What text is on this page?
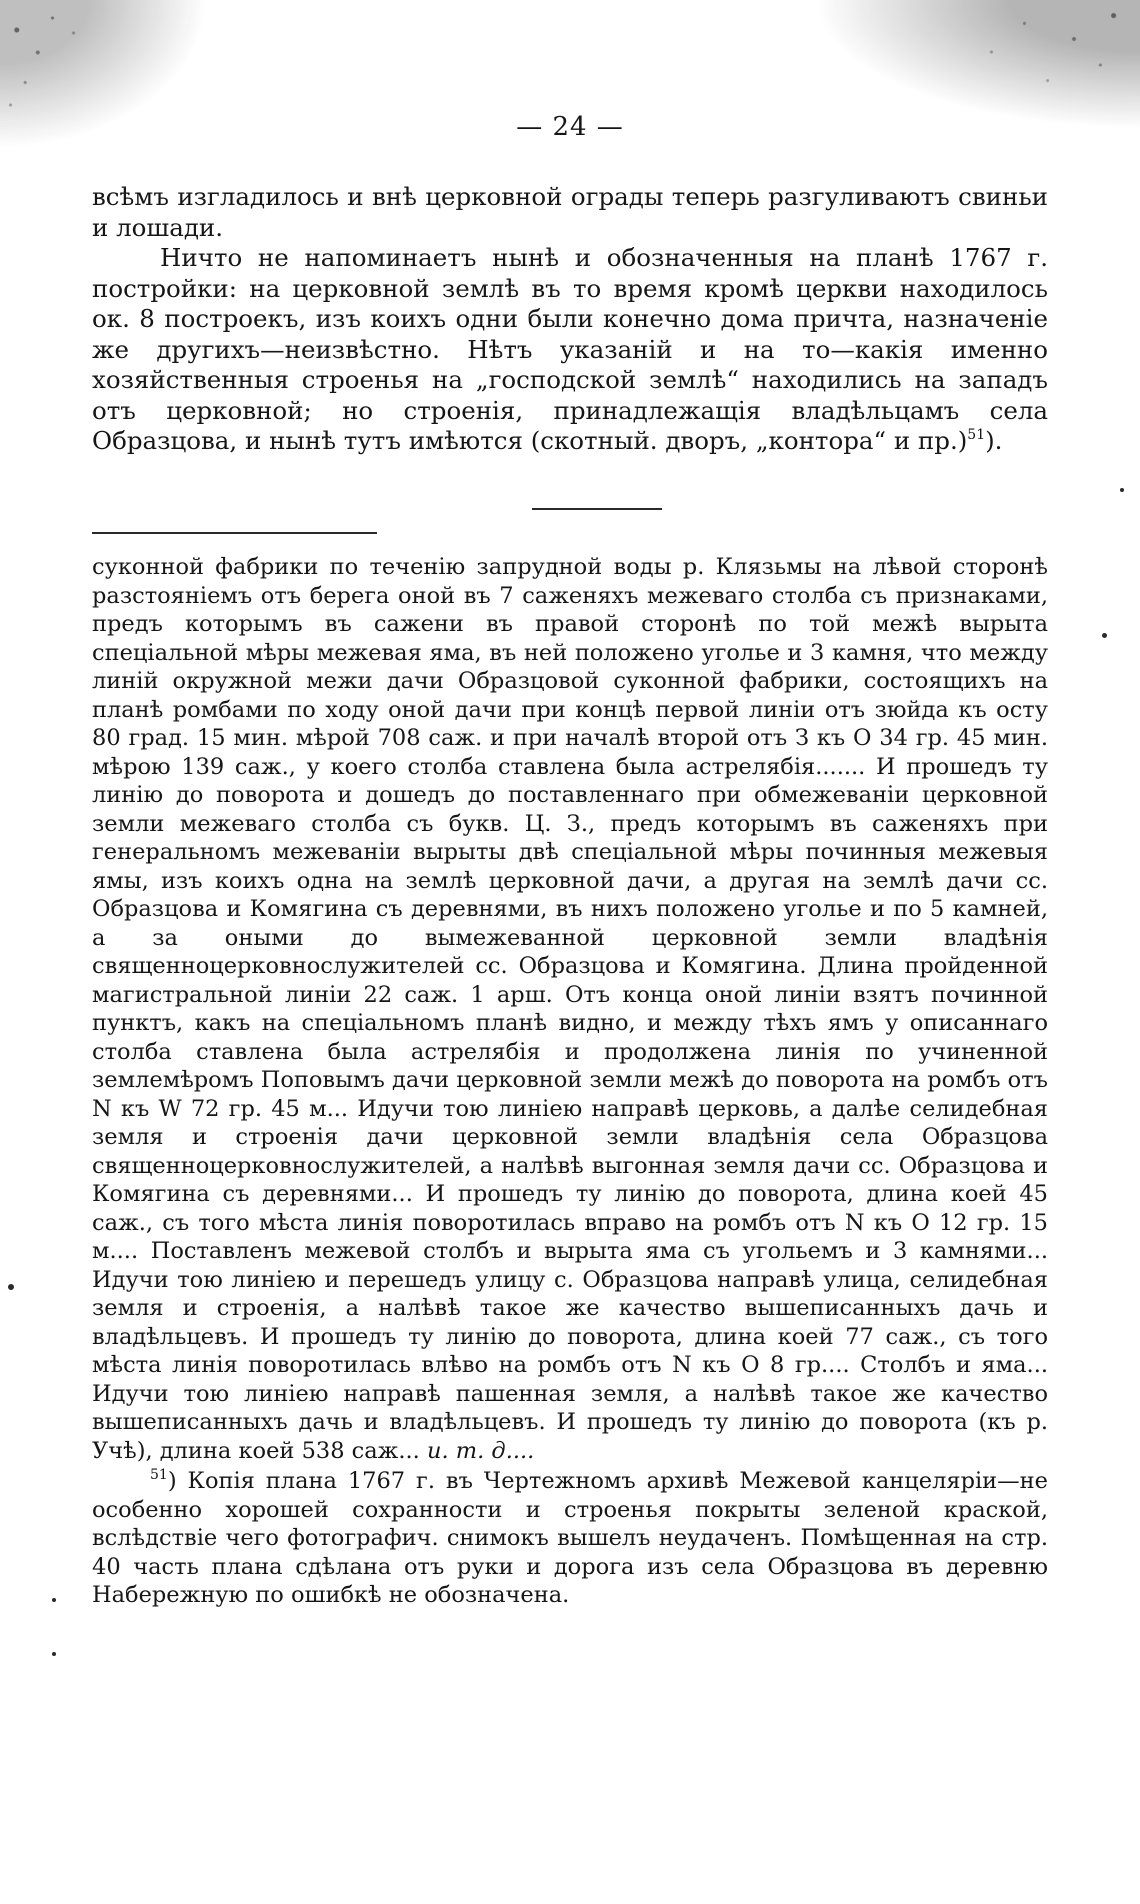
— 24 —

всѣмъ изгладилось и внѣ церковной ограды теперь разгуливаютъ свиньи и лошади.

Ничто не напоминаетъ нынѣ и обозначенныя на планѣ 1767 г. постройки: на церковной землѣ въ то время кромѣ церкви находилось ок. 8 построекъ, изъ коихъ одни были конечно дома причта, назначеніе же другихъ—неизвѣстно. Нѣтъ указаній и на то—какія именно хозяйственныя строенья на „господской землѣ“ находились на западъ отъ церковной; но строенія, принадлежащія владѣльцамъ села Образцова, и нынѣ тутъ имѣются (скотный. дворъ, „контора“ и пр.)$^{51}$).

суконной фабрики по теченію запрудной воды р. Клязьмы на лѣвой сторонѣ разстояніемъ отъ берега оной въ 7 саженяхъ межеваго столба съ признаками, предъ которымъ въ сажени въ правой сторонѣ по той межѣ вырыта спеціальной мѣры межевая яма, въ ней положено уголье и 3 камня, что между линій окружной межи дачи Образцовой суконной фабрики, состоящихъ на планѣ ромбами по ходу оной дачи при концѣ первой линіи отъ зюйда къ осту 80 град. 15 мин. мѣрой 708 саж. и при началѣ второй отъ З къ О 34 гр. 45 мин. мѣрою 139 саж., у коего столба ставлена была астрелябія....... И прошедъ ту линію до поворота и дошедъ до поставленнаго при обмежеваніи церковной земли межеваго столба съ букв. Ц. З., предъ которымъ въ саженяхъ при генеральномъ межеваніи вырыты двѣ спеціальной мѣры починныя межевыя ямы, изъ коихъ одна на землѣ церковной дачи, а другая на землѣ дачи сс. Образцова и Комягина съ деревнями, въ нихъ положено уголье и по 5 камней, а за оными до вымежеванной церковной земли владѣнія священноцерковнослужителей сс. Образцова и Комягина. Длина пройденной магистральной линіи 22 саж. 1 арш. Отъ конца оной линіи взятъ починной пунктъ, какъ на спеціальномъ планѣ видно, и между тѣхъ ямъ у описаннаго столба ставлена была астрелябія и продолжена линія по учиненной землемѣромъ Поповымъ дачи церковной земли межѣ до поворота на ромбъ отъ N къ W 72 гр. 45 м... Идучи тою линіею направѣ церковь, а далѣе селидебная земля и строенія дачи церковной земли владѣнія села Образцова священноцерковнослужителей, а налѣвѣ выгонная земля дачи сс. Образцова и Комягина съ деревнями... И прошедъ ту линію до поворота, длина коей 45 саж., съ того мѣста линія поворотилась вправо на ромбъ отъ N къ О 12 гр. 15 м.... Поставленъ межевой столбъ и вырыта яма съ угольемъ и 3 камнями... Идучи тою линіею и перешедъ улицу с. Образцова направѣ улица, селидебная земля и строенія, а налѣвѣ такое же качество вышеписанныхъ дачь и владѣльцевъ. И прошедъ ту линію до поворота, длина коей 77 саж., съ того мѣста линія поворотилась влѣво на ромбъ отъ N къ О 8 гр.... Столбъ и яма... Идучи тою линіею направѣ пашенная земля, а налѣвѣ такое же качество вышеписанныхъ дачь и владѣльцевъ. И прошедъ ту линію до поворота (къ р. Учѣ), длина коей 538 саж... и. т. д....

$^{51}$) Копія плана 1767 г. въ Чертежномъ архивѣ Межевой канцеляріи—не особенно хорошей сохранности и строенья покрыты зеленой краской, вслѣдствіе чего фотографич. снимокъ вышелъ неудаченъ. Помѣщенная на стр. 40 часть плана сдѣлана отъ руки и дорога изъ села Образцова въ деревню Набережную по ошибкѣ не обозначена.
